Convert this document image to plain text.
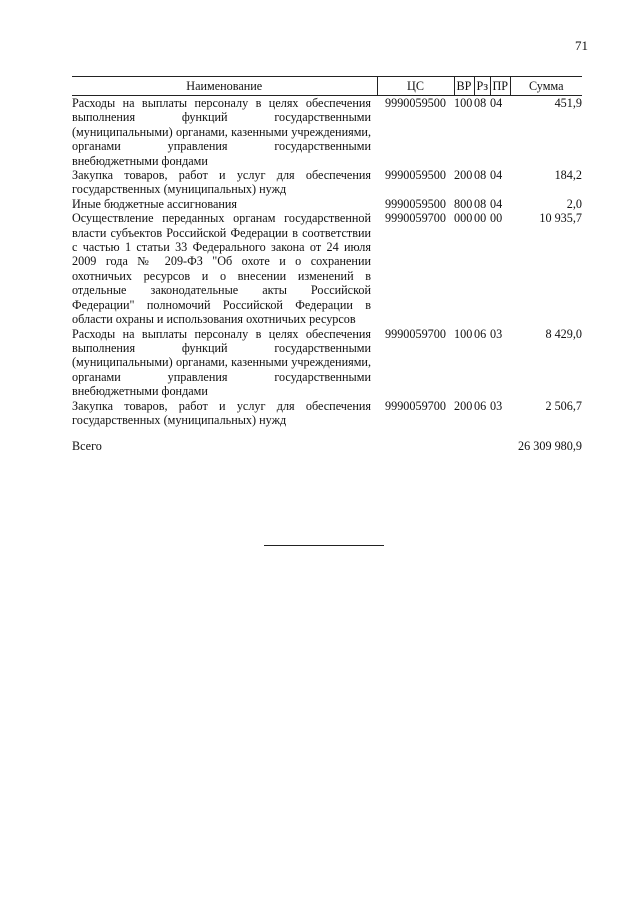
71
Наименование	ЦС	ВР	Рз	ПР	Сумма
Расходы на выплаты персоналу в целях обеспечения выполнения функций государственными (муниципальными) органами, казенными учреждениями, органами управления государственными внебюджетными фондами	9990059500	100	08	04	451,9
Закупка товаров, работ и услуг для обеспечения государственных (муниципальных) нужд	9990059500	200	08	04	184,2
Иные бюджетные ассигнования	9990059500	800	08	04	2,0
Осуществление переданных органам государственной власти субъектов Российской Федерации в соответствии с частью 1 статьи 33 Федерального закона от 24 июля 2009 года № 209-ФЗ "Об охоте и о сохранении охотничьих ресурсов и о внесении изменений в отдельные законодательные акты Российской Федерации" полномочий Российской Федерации в области охраны и использования охотничьих ресурсов	9990059700	000	00	00	10 935,7
Расходы на выплаты персоналу в целях обеспечения выполнения функций государственными (муниципальными) органами, казенными учреждениями, органами управления государственными внебюджетными фондами	9990059700	100	06	03	8 429,0
Закупка товаров, работ и услуг для обеспечения государственных (муниципальных) нужд	9990059700	200	06	03	2 506,7
Всего					26 309 980,9
